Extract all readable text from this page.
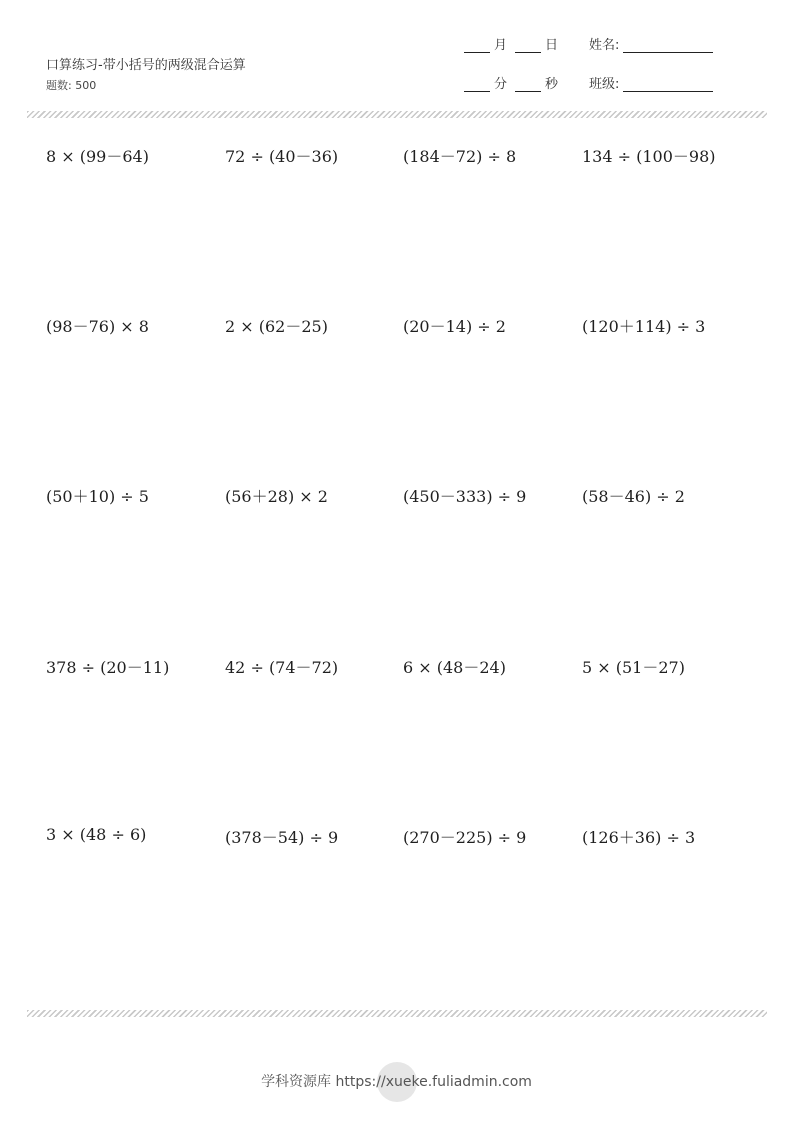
口算练习-带小括号的两级混合运算
题数: 500
月	日 姓名:
分	秒 班级:
8 × (99－64)	72 ÷ (40－36)	(184－72) ÷ 8	134 ÷ (100－98)
(98－76) × 8	2 × (62－25)	(20－14) ÷ 2	(120＋114) ÷ 3
(50＋10) ÷ 5	(56＋28) × 2	(450－333) ÷ 9	(58－46) ÷ 2
378 ÷ (20－11)	42 ÷ (74－72)	6 × (48－24)	5 × (51－27)
3 × (48 ÷ 6)	(378－54) ÷ 9	(270－225) ÷ 9	(126＋36) ÷ 3
学科资源库 https://xueke.fuliadmin.com
